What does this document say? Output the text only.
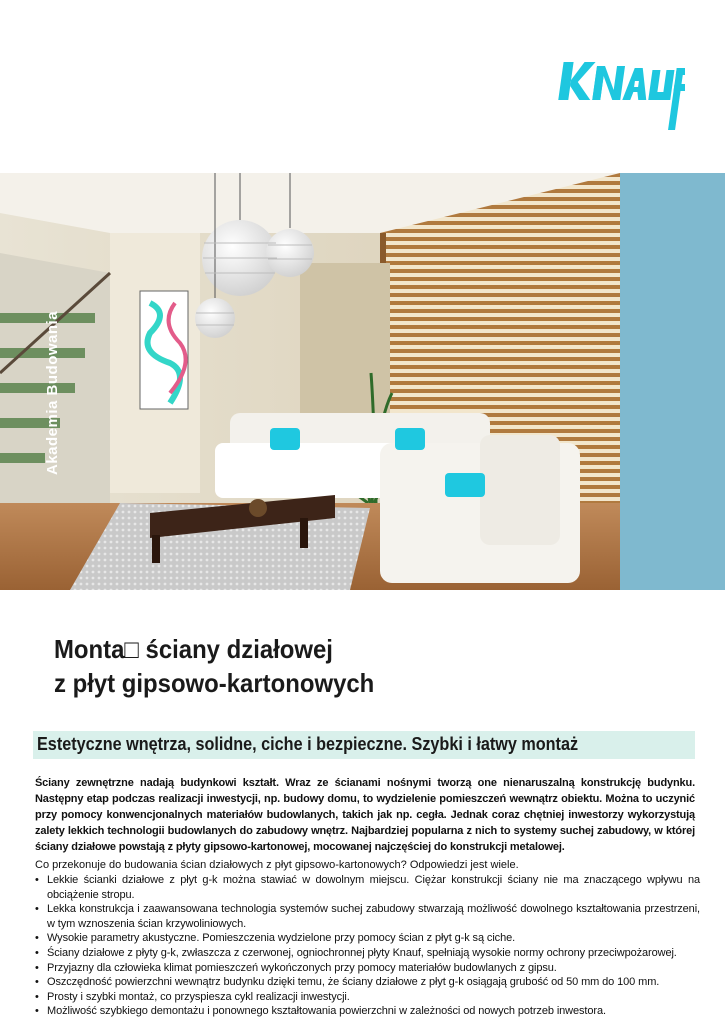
Akademia Budowania
Monta□ ściany działowej
z płyt gipsowo-kartonowych
Estetyczne wnętrza, solidne, ciche i bezpieczne. Szybki i łatwy montaż
Ściany zewnętrzne nadają budynkowi kształt. Wraz ze ścianami nośnymi tworzą one nienaruszalną konstrukcję budynku. Następny etap podczas realizacji inwestycji, np. budowy domu, to wydzielenie pomieszczeń wewnątrz obiektu. Można to uczynić przy pomocy konwencjonalnych materiałów budowlanych, takich jak np. cegła. Jednak coraz chętniej inwestorzy wykorzystują zalety lekkich technologii budowlanych do zabudowy wnętrz. Najbardziej popularna z nich to systemy suchej zabudowy, w której ściany działowe powstają z płyty gipsowo-kartonowej, mocowanej najczęściej do konstrukcji metalowej.
Co przekonuje do budowania ścian działowych z płyt gipsowo-kartonowych? Odpowiedzi jest wiele.
• Lekkie ścianki działowe z płyt g-k można stawiać w dowolnym miejscu. Ciężar konstrukcji ściany nie ma znaczącego wpływu na obciążenie stropu.
• Lekka konstrukcja i zaawansowana technologia systemów suchej zabudowy stwarzają możliwość dowolnego kształtowania przestrzeni, w tym wznoszenia ścian krzywoliniowych.
• Wysokie parametry akustyczne. Pomieszczenia wydzielone przy pomocy ścian z płyt g-k są ciche.
• Ściany działowe z płyty g-k, zwłaszcza z czerwonej, ogniochronnej płyty Knauf, spełniają wysokie normy ochrony przeciwpożarowej.
• Przyjazny dla człowieka klimat pomieszczeń wykończonych przy pomocy materiałów budowlanych z gipsu.
• Oszczędność powierzchni wewnątrz budynku dzięki temu, że ściany działowe z płyt g-k osiągają grubość od 50 mm do 100 mm.
• Prosty i szybki montaż, co przyspiesza cykl realizacji inwestycji.
• Możliwość szybkiego demontażu i ponownego kształtowania powierzchni w zależności od nowych potrzeb inwestora.
